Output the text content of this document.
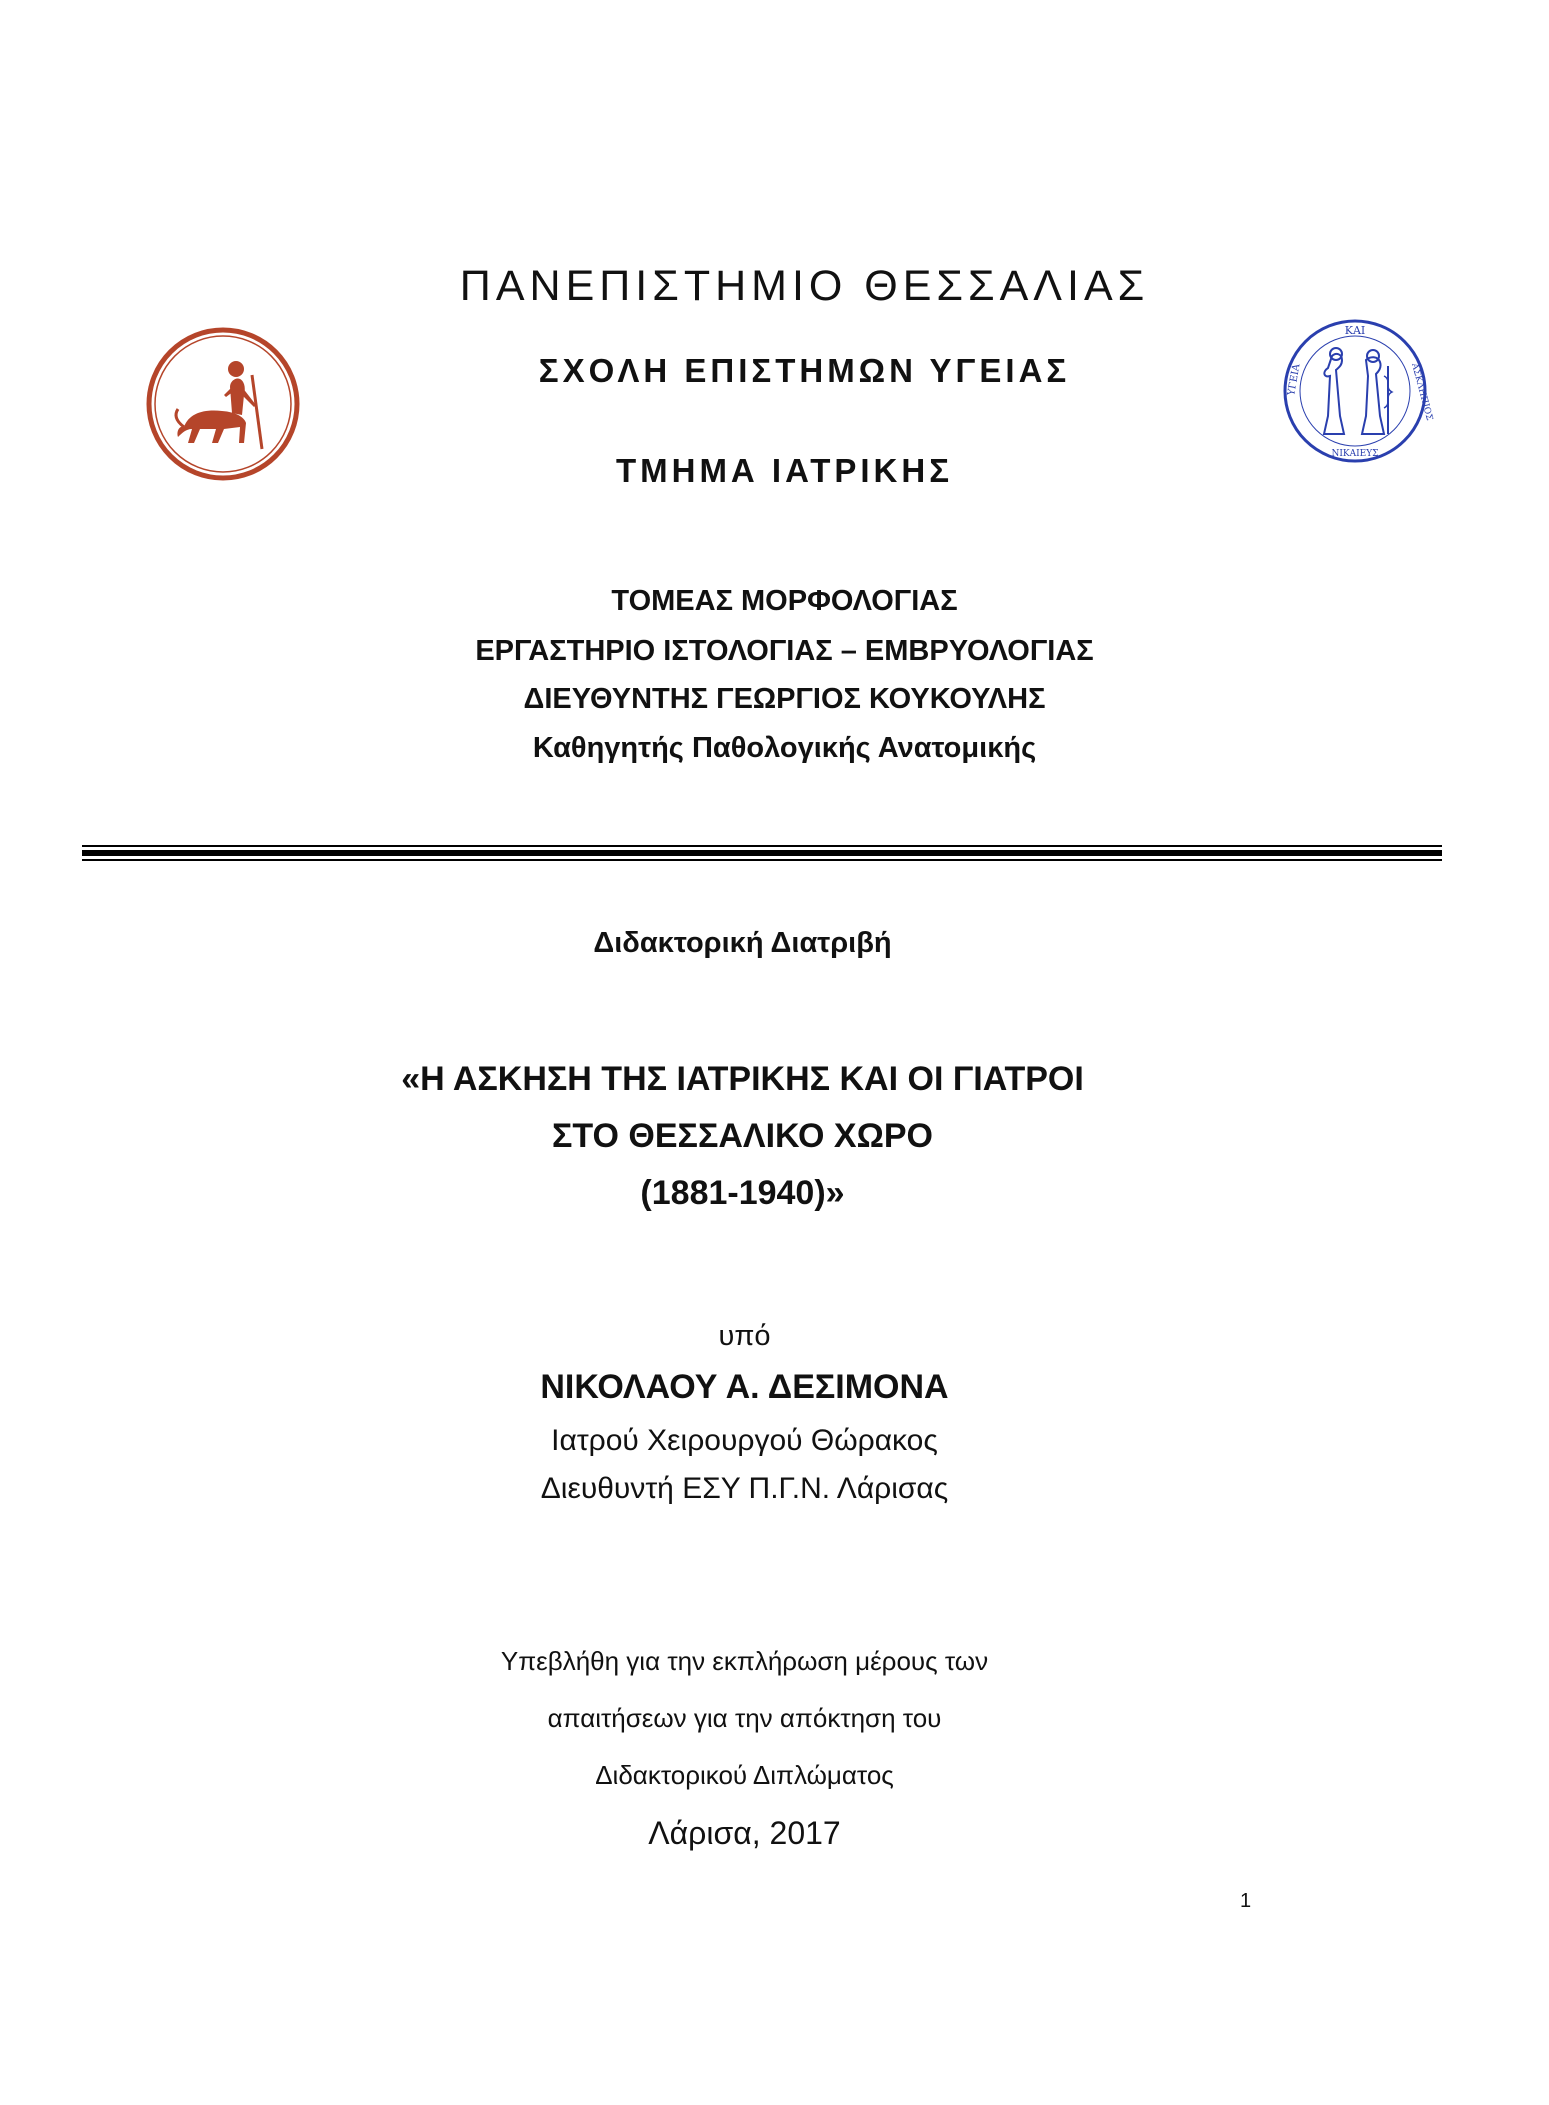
ΚΑΙ
ΥΓΕΙΑ	ΑΣΚΛΗΠΙΟΣ
ΝΙΚΑΙΕΥΣ
ΠΑΝΕΠΙΣΤΗΜΙΟ ΘΕΣΣΑΛΙΑΣ
ΣΧΟΛΗ ΕΠΙΣΤΗΜΩΝ ΥΓΕΙΑΣ
ΤΜΗΜΑ ΙΑΤΡΙΚΗΣ
ΤΟΜΕΑΣ ΜΟΡΦΟΛΟΓΙΑΣ
ΕΡΓΑΣΤΗΡΙΟ ΙΣΤΟΛΟΓΙΑΣ – ΕΜΒΡΥΟΛΟΓΙΑΣ
ΔΙΕΥΘΥΝΤΗΣ ΓΕΩΡΓΙΟΣ ΚΟΥΚΟΥΛΗΣ
Καθηγητής Παθολογικής Ανατομικής
Διδακτορική Διατριβή
«Η ΑΣΚΗΣΗ ΤΗΣ ΙΑΤΡΙΚΗΣ ΚΑΙ ΟΙ ΓΙΑΤΡΟΙ
ΣΤΟ ΘΕΣΣΑΛΙΚΟ ΧΩΡΟ
(1881-1940)»
υπό
ΝΙΚΟΛΑΟΥ Α. ΔΕΣΙΜΟΝΑ
Ιατρού Χειρουργού Θώρακος
Διευθυντή ΕΣΥ Π.Γ.Ν. Λάρισας
Υπεβλήθη για την εκπλήρωση μέρους των
απαιτήσεων για την απόκτηση του
Διδακτορικού Διπλώματος
Λάρισα, 2017
1
